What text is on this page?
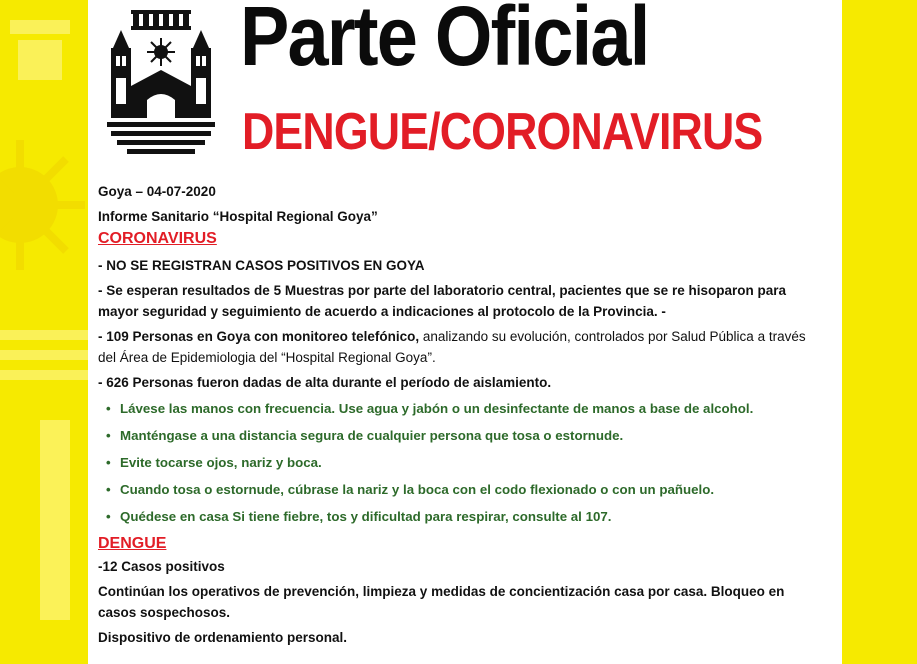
Parte Oficial
DENGUE/CORONAVIRUS

Goya – 04-07-2020

Informe Sanitario “Hospital Regional Goya”

CORONAVIRUS

- NO SE REGISTRAN CASOS POSITIVOS EN GOYA

- Se esperan resultados de 5 Muestras por parte del laboratorio central, pacientes que se re hisoparon para mayor seguridad y seguimiento de acuerdo a indicaciones al protocolo de la Provincia. -

- 109 Personas en Goya con monitoreo telefónico, analizando su evolución, controlados por Salud Pública a través del Área de Epidemiologia del “Hospital Regional Goya”.

- 626 Personas fueron dadas de alta durante el período de aislamiento.

• Lávese las manos con frecuencia. Use agua y jabón o un desinfectante de manos a base de alcohol.
• Manténgase a una distancia segura de cualquier persona que tosa o estornude.
• Evite tocarse ojos, nariz y boca.
• Cuando tosa o estornude, cúbrase la nariz y la boca con el codo flexionado o con un pañuelo.
• Quédese en casa Si tiene fiebre, tos y dificultad para respirar, consulte al 107.

DENGUE

-12 Casos positivos

Continúan los operativos de prevención, limpieza y medidas de concientización casa por casa. Bloqueo en casos sospechosos.

Dispositivo de ordenamiento personal.
